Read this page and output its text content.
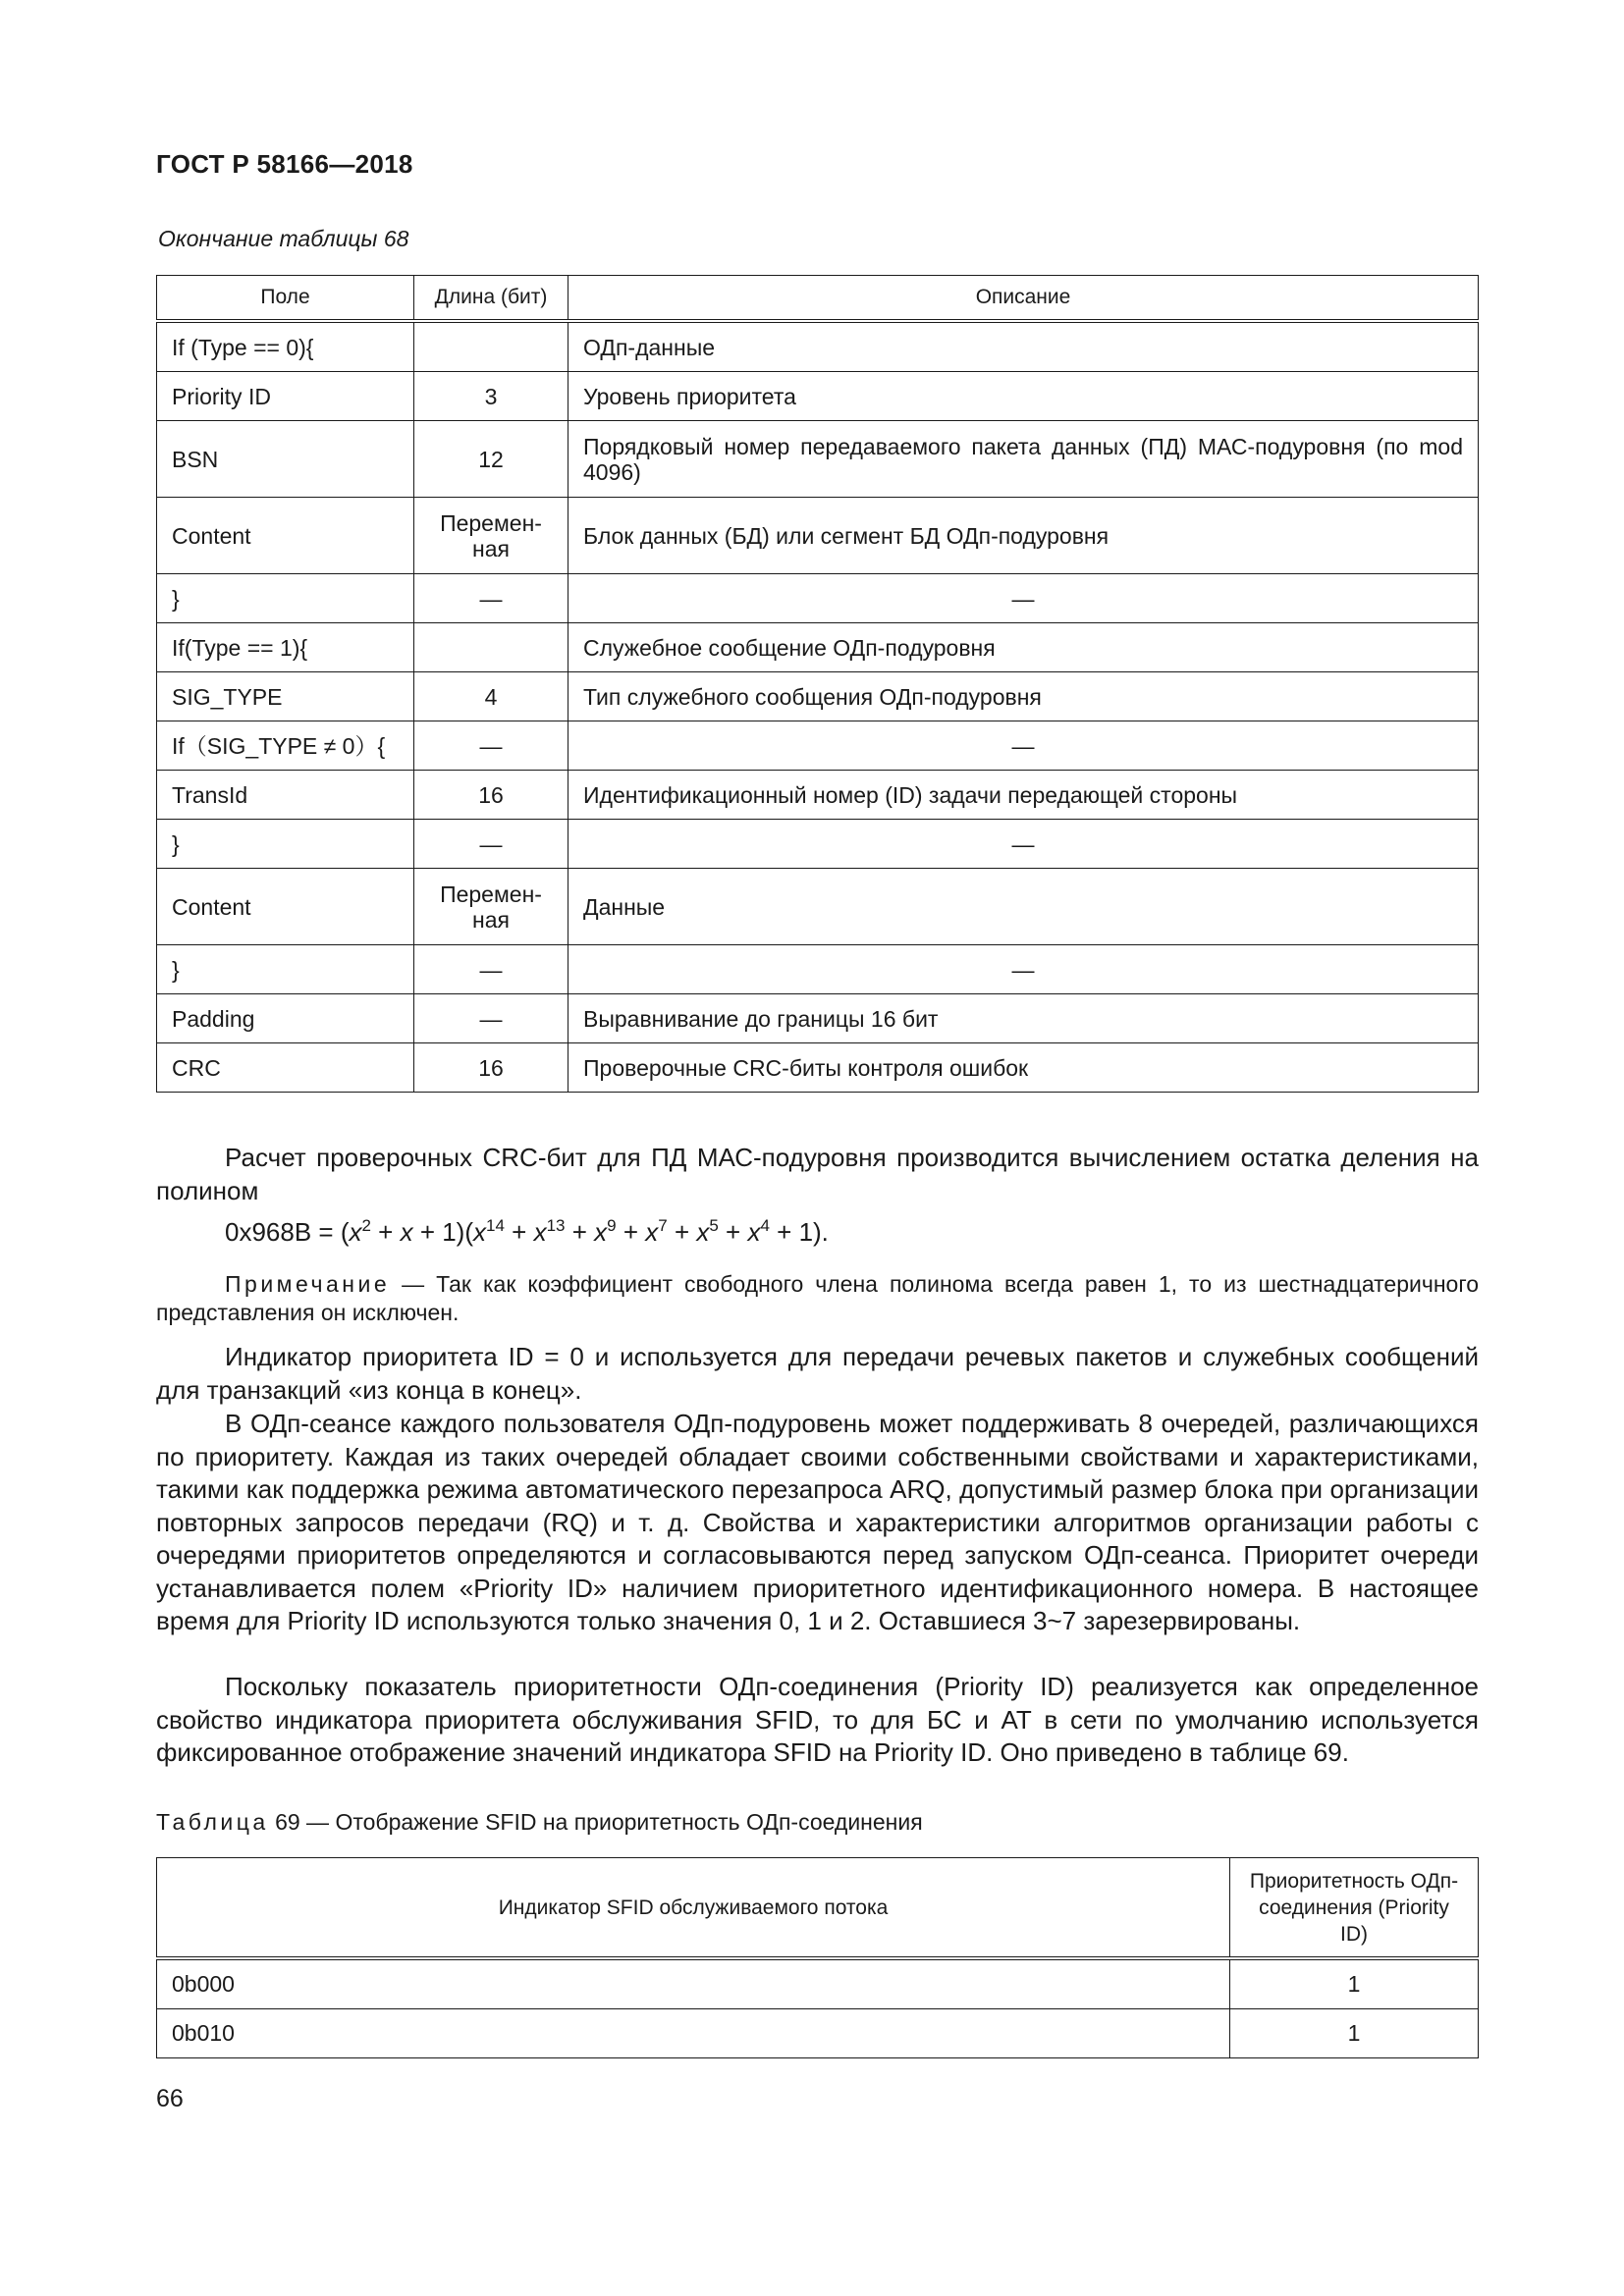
ГОСТ Р 58166—2018
Окончание таблицы 68
Поле	Длина (бит)	Описание
If (Type == 0){		ОДп-данные
Priority ID	3	Уровень приоритета
BSN	12	Порядковый номер передаваемого пакета данных (ПД) МАС-подуровня (по mod 4096)
Content	Перемен-ная	Блок данных (БД) или сегмент БД ОДп-подуровня
}	—	—
If(Type == 1){		Служебное сообщение ОДп-подуровня
SIG_TYPE	4	Тип служебного сообщения ОДп-подуровня
If（SIG_TYPE ≠ 0）{	—	—
TransId	16	Идентификационный номер (ID) задачи передающей стороны
}	—	—
Content	Перемен-ная	Данные
}	—	—
Padding	—	Выравнивание до границы 16 бит
CRC	16	Проверочные CRC-биты контроля ошибок

Расчет проверочных CRC-бит для ПД МАС-подуровня производится вычислением остатка деления на полином

$0x968B = (x^2 + x + 1)(x^{14} + x^{13} + x^9 + x^7 + x^5 + x^4 + 1)$.

Примечание — Так как коэффициент свободного члена полинома всегда равен 1, то из шестнадцатеричного представления он исключен.

Индикатор приоритета ID = 0 и используется для передачи речевых пакетов и служебных сообщений для транзакций «из конца в конец».

В ОДп-сеансе каждого пользователя ОДп-подуровень может поддерживать 8 очередей, различающихся по приоритету. Каждая из таких очередей обладает своими собственными свойствами и характеристиками, такими как поддержка режима автоматического перезапроса ARQ, допустимый размер блока при организации повторных запросов передачи (RQ) и т. д. Свойства и характеристики алгоритмов организации работы с очередями приоритетов определяются и согласовываются перед запуском ОДп-сеанса. Приоритет очереди устанавливается полем «Priority ID» наличием приоритетного идентификационного номера. В настоящее время для Priority ID используются только значения 0, 1 и 2. Оставшиеся 3~7 зарезервированы.

Поскольку показатель приоритетности ОДп-соединения (Priority ID) реализуется как определенное свойство индикатора приоритета обслуживания SFID, то для БС и АТ в сети по умолчанию используется фиксированное отображение значений индикатора SFID на Priority ID. Оно приведено в таблице 69.

Таблица 69 — Отображение SFID на приоритетность ОДп-соединения
Индикатор SFID обслуживаемого потока	Приоритетность ОДп-соединения (Priority ID)
0b000	1
0b010	1
66
